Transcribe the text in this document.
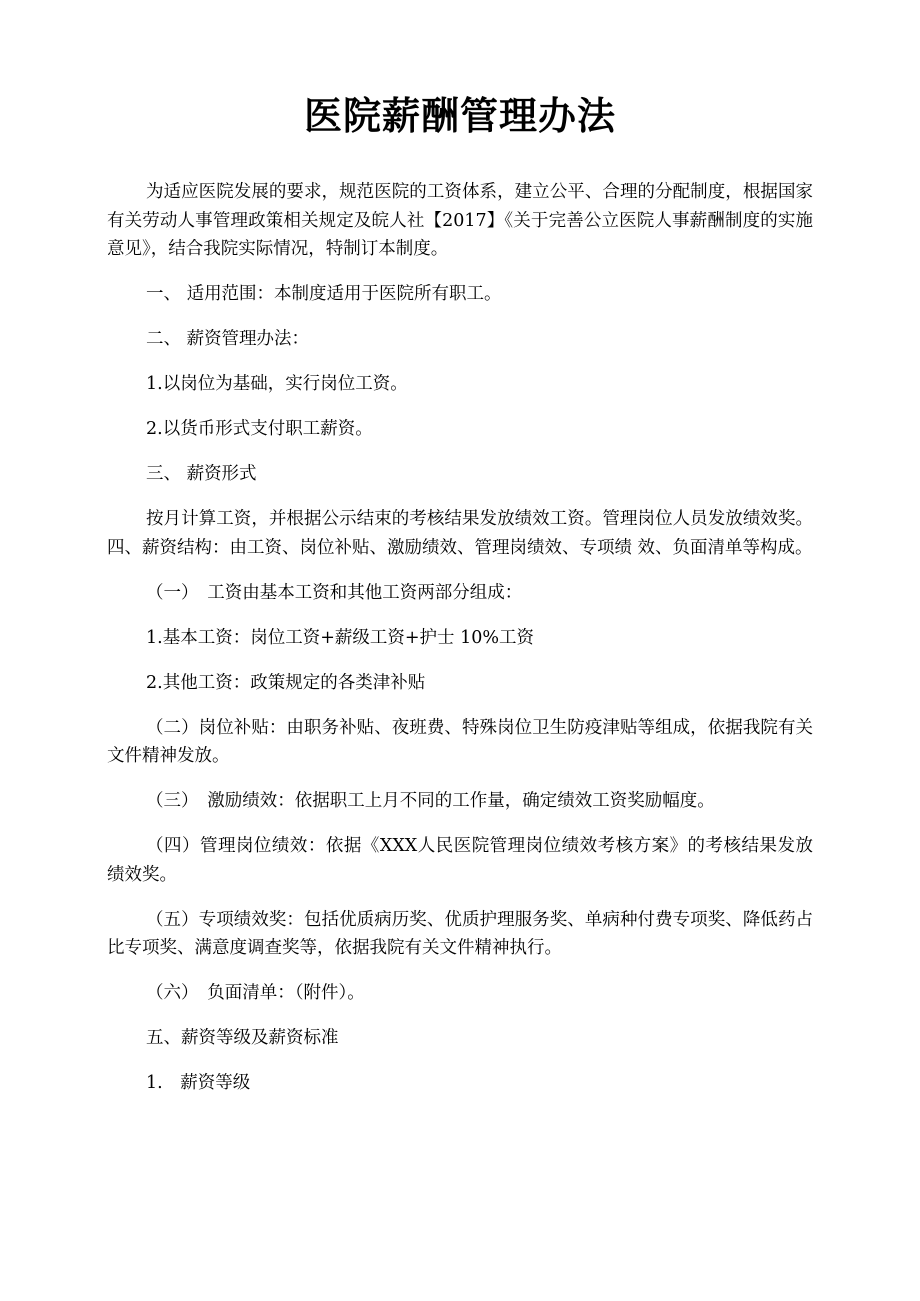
医院薪酬管理办法

为适应医院发展的要求，规范医院的工资体系，建立公平、合理的分配制度，根据国家有关劳动人事管理政策相关规定及皖人社【2017】《关于完善公立医院人事薪酬制度的实施意见》，结合我院实际情况，特制订本制度。

一、 适用范围：本制度适用于医院所有职工。

二、 薪资管理办法：

1.以岗位为基础，实行岗位工资。

2.以货币形式支付职工薪资。

三、 薪资形式

按月计算工资，并根据公示结束的考核结果发放绩效工资。管理岗位人员发放绩效奖。四、薪资结构：由工资、岗位补贴、激励绩效、管理岗绩效、专项绩 效、负面清单等构成。

（一）　工资由基本工资和其他工资两部分组成：

1.基本工资：岗位工资+薪级工资+护士 10%工资

2.其他工资：政策规定的各类津补贴

（二）岗位补贴：由职务补贴、夜班费、特殊岗位卫生防疫津贴等组成，依据我院有关文件精神发放。

（三）　激励绩效：依据职工上月不同的工作量，确定绩效工资奖励幅度。

（四）管理岗位绩效：依据《XXX人民医院管理岗位绩效考核方案》的考核结果发放绩效奖。

（五）专项绩效奖：包括优质病历奖、优质护理服务奖、单病种付费专项奖、降低药占比专项奖、满意度调查奖等，依据我院有关文件精神执行。

（六）　负面清单：（附件）。

五、薪资等级及薪资标准

1.　薪资等级
